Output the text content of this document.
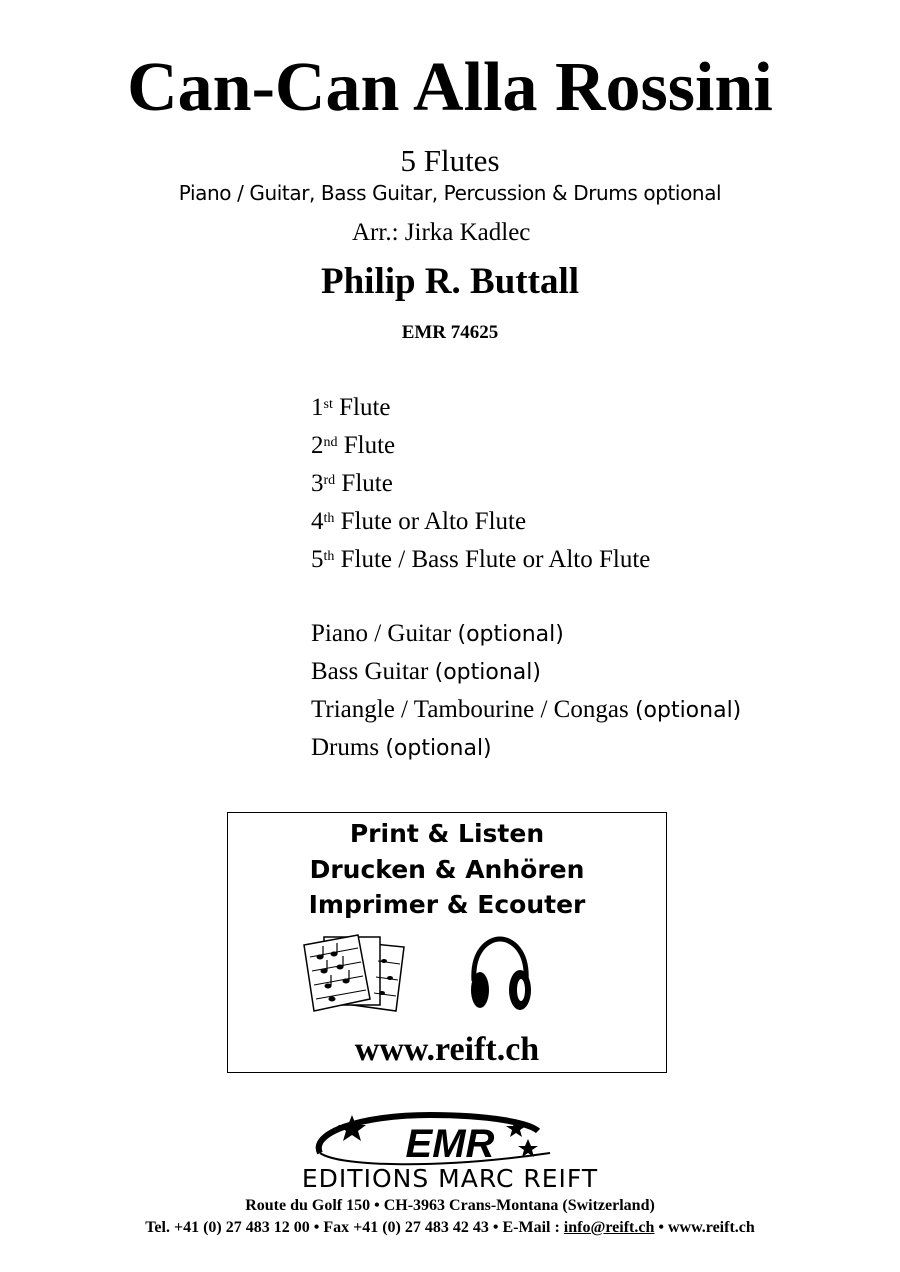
Can-Can Alla Rossini
5 Flutes
Piano / Guitar, Bass Guitar, Percussion & Drums optional
Arr.: Jirka Kadlec
Philip R. Buttall
EMR 74625
1st Flute
2nd Flute
3rd Flute
4th Flute or Alto Flute
5th Flute / Bass Flute or Alto Flute
Piano / Guitar (optional)
Bass Guitar (optional)
Triangle / Tambourine / Congas (optional)
Drums (optional)
Print & Listen
Drucken & Anhören
Imprimer & Ecouter
www.reift.ch
EMR
EDITIONS MARC REIFT
Route du Golf 150 • CH-3963 Crans-Montana (Switzerland)
Tel. +41 (0) 27 483 12 00 • Fax +41 (0) 27 483 42 43 • E-Mail : info@reift.ch • www.reift.ch
